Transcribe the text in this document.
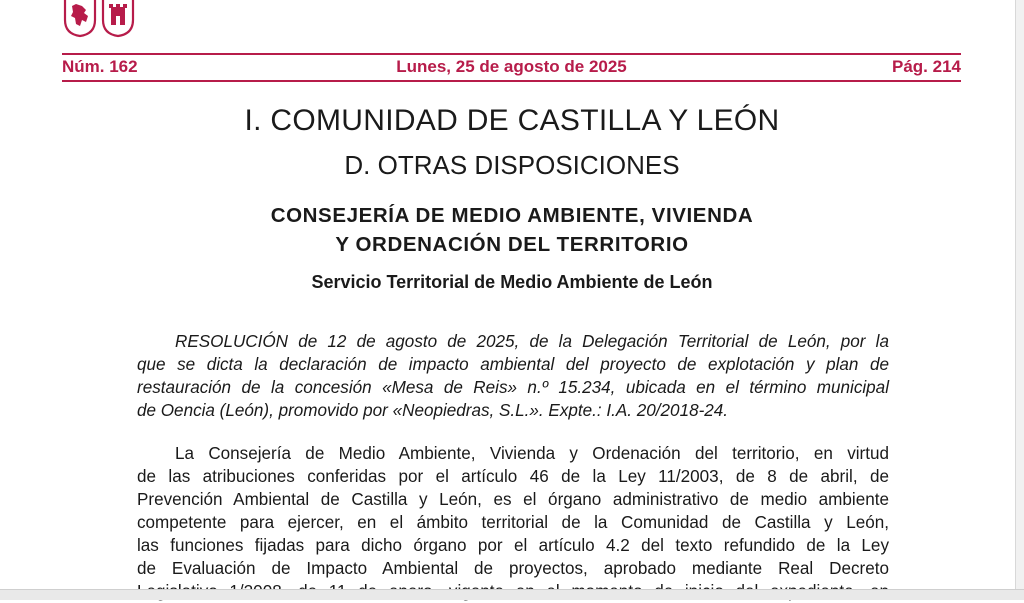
Núm. 162	Lunes, 25 de agosto de 2025	Pág. 214
I. COMUNIDAD DE CASTILLA Y LEÓN
D. OTRAS DISPOSICIONES
CONSEJERÍA DE MEDIO AMBIENTE, VIVIENDA
Y ORDENACIÓN DEL TERRITORIO
Servicio Territorial de Medio Ambiente de León
RESOLUCIÓN de 12 de agosto de 2025, de la Delegación Territorial de León, por la
que se dicta la declaración de impacto ambiental del proyecto de explotación y plan de
restauración de la concesión «Mesa de Reis» n.º 15.234, ubicada en el término municipal
de Oencia (León), promovido por «Neopiedras, S.L.». Expte.: I.A. 20/2018-24.
La Consejería de Medio Ambiente, Vivienda y Ordenación del territorio, en virtud
de las atribuciones conferidas por el artículo 46 de la Ley 11/2003, de 8 de abril, de
Prevención Ambiental de Castilla y León, es el órgano administrativo de medio ambiente
competente para ejercer, en el ámbito territorial de la Comunidad de Castilla y León,
las funciones fijadas para dicho órgano por el artículo 4.2 del texto refundido de la Ley
de Evaluación de Impacto Ambiental de proyectos, aprobado mediante Real Decreto
